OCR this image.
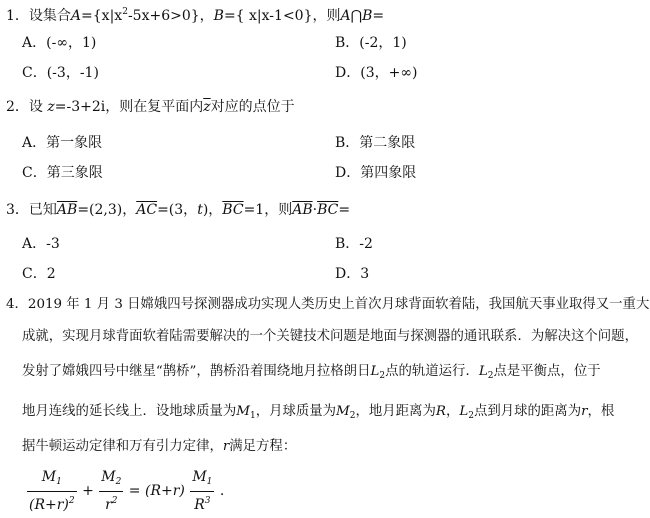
1．设集合$A=\{x|x^2-5x+6>0\}$，B={ x|x-1<0}，则A⋂B=
A．(-∞，1)	B．(-2，1)
C．(-3，-1)	D．(3，+∞)
2．设 z=-3+2i，则在复平面内$\overline{z}$对应的点位于
A．第一象限	B．第二象限
C．第三象限	D．第四象限
3．已知$\overline{AB}=(2,3)$，$\overline{AC}=(3$，t)，$\overline{BC}=1$，则$\overline{AB}\cdot\overline{BC}=$
A．-3	B．-2
C．2	D．3
4．2019 年 1 月 3 日嫦娥四号探测器成功实现人类历史上首次月球背面软着陆，我国航天事业取得又一重大
成就，实现月球背面软着陆需要解决的一个关键技术问题是地面与探测器的通讯联系．为解决这个问题，
发射了嫦娥四号中继星“鹊桥”，鹊桥沿着围绕地月拉格朗日$L_2$点的轨道运行．$L_2$点是平衡点，位于
地月连线的延长线上．设地球质量为$M_1$，月球质量为$M_2$，地月距离为R，$L_2$点到月球的距离为r，根
据牛顿运动定律和万有引力定律，r满足方程：
$\frac{M_1}{(R+r)^2} + \frac{M_2}{r^2} = (R+r) \frac{M_1}{R^3}$ .
